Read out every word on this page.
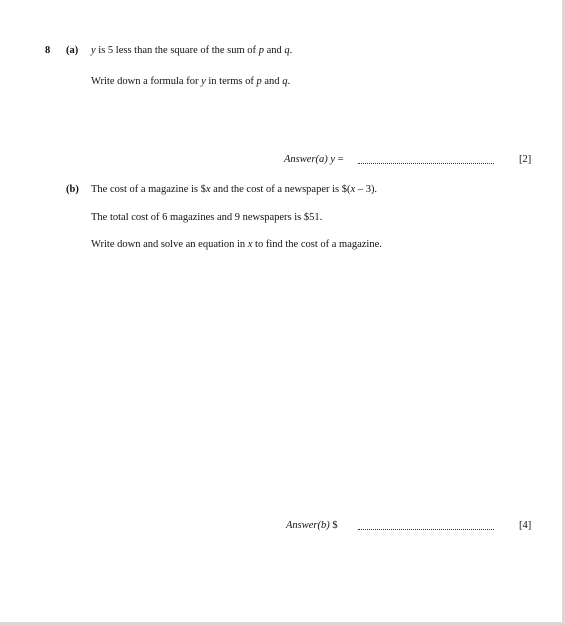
8 (a) y is 5 less than the square of the sum of p and q.
Write down a formula for y in terms of p and q.
Answer(a) y =	[2]
(b) The cost of a magazine is $x and the cost of a newspaper is $(x – 3).
The total cost of 6 magazines and 9 newspapers is $51.
Write down and solve an equation in x to find the cost of a magazine.
Answer(b) $	[4]
